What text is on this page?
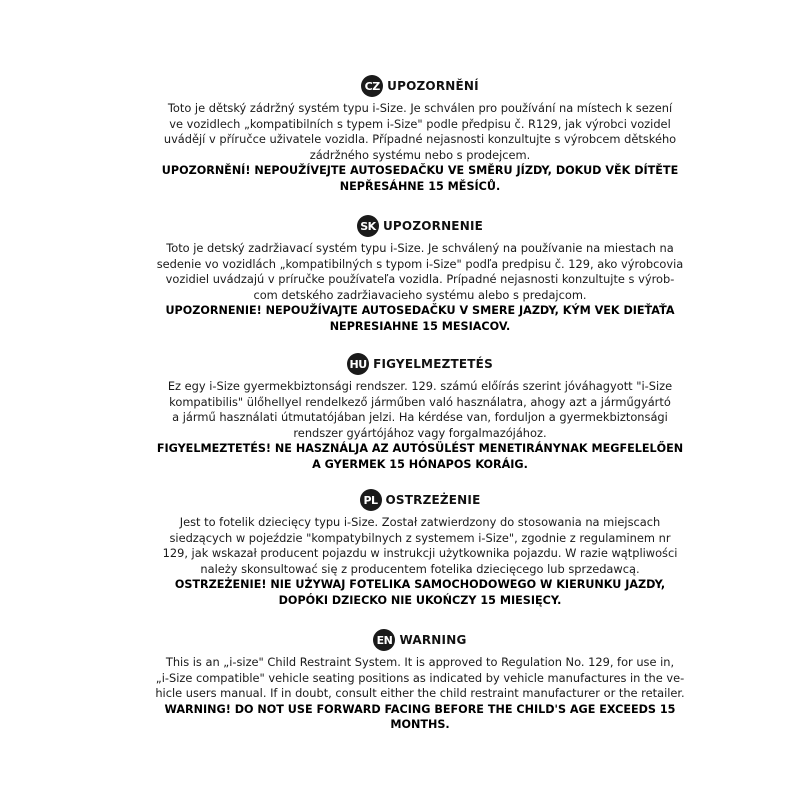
CZ UPOZORNĚNÍ
Toto je dětský zádržný systém typu i-Size. Je schválen pro používání na místech k sezení
ve vozidlech „kompatibilních s typem i-Size" podle předpisu č. R129, jak výrobci vozidel
uvádějí v příručce uživatele vozidla. Případné nejasnosti konzultujte s výrobcem dětského
zádržného systému nebo s prodejcem.
UPOZORNĚNÍ! NEPOUŽÍVEJTE AUTOSEDAČKU VE SMĚRU JÍZDY, DOKUD VĚK DÍTĚTE
NEPŘESÁHNE 15 MĚSÍCŮ.
SK UPOZORNENIE
Toto je detský zadržiavací systém typu i-Size. Je schválený na používanie na miestach na
sedenie vo vozidlách „kompatibilných s typom i-Size" podľa predpisu č. 129, ako výrobcovia
vozidiel uvádzajú v príručke používateľa vozidla. Prípadné nejasnosti konzultujte s výrob-
com detského zadržiavacieho systému alebo s predajcom.
UPOZORNENIE! NEPOUŽÍVAJTE AUTOSEDAČKU V SMERE JAZDY, KÝM VEK DIEŤAŤA
NEPRESIAHNE 15 MESIACOV.
HU FIGYELMEZTETÉS
Ez egy i-Size gyermekbiztonsági rendszer. 129. számú előírás szerint jóváhagyott "i-Size
kompatibilis" ülőhellyel rendelkező járműben való használatra, ahogy azt a járműgyártó
a jármű használati útmutatójában jelzi. Ha kérdése van, forduljon a gyermekbiztonsági
rendszer gyártójához vagy forgalmazójához.
FIGYELMEZTETÉS! NE HASZNÁLJA AZ AUTÓSÜLÉST MENETIRÁNYNAK MEGFELELŐEN
A GYERMEK 15 HÓNAPOS KORÁIG.
PL OSTRZEŻENIE
Jest to fotelik dziecięcy typu i-Size. Został zatwierdzony do stosowania na miejscach
siedzących w pojeździe "kompatybilnych z systemem i-Size", zgodnie z regulaminem nr
129, jak wskazał producent pojazdu w instrukcji użytkownika pojazdu. W razie wątpliwości
należy skonsultować się z producentem fotelika dziecięcego lub sprzedawcą.
OSTRZEŻENIE! NIE UŻYWAJ FOTELIKA SAMOCHODOWEGO W KIERUNKU JAZDY,
DOPÓKI DZIECKO NIE UKOŃCZY 15 MIESIĘCY.
EN WARNING
This is an „i-size" Child Restraint System. It is approved to Regulation No. 129, for use in,
„i-Size compatible" vehicle seating positions as indicated by vehicle manufactures in the ve-
hicle users manual. If in doubt, consult either the child restraint manufacturer or the retailer.
WARNING! DO NOT USE FORWARD FACING BEFORE THE CHILD'S AGE EXCEEDS 15
MONTHS.
